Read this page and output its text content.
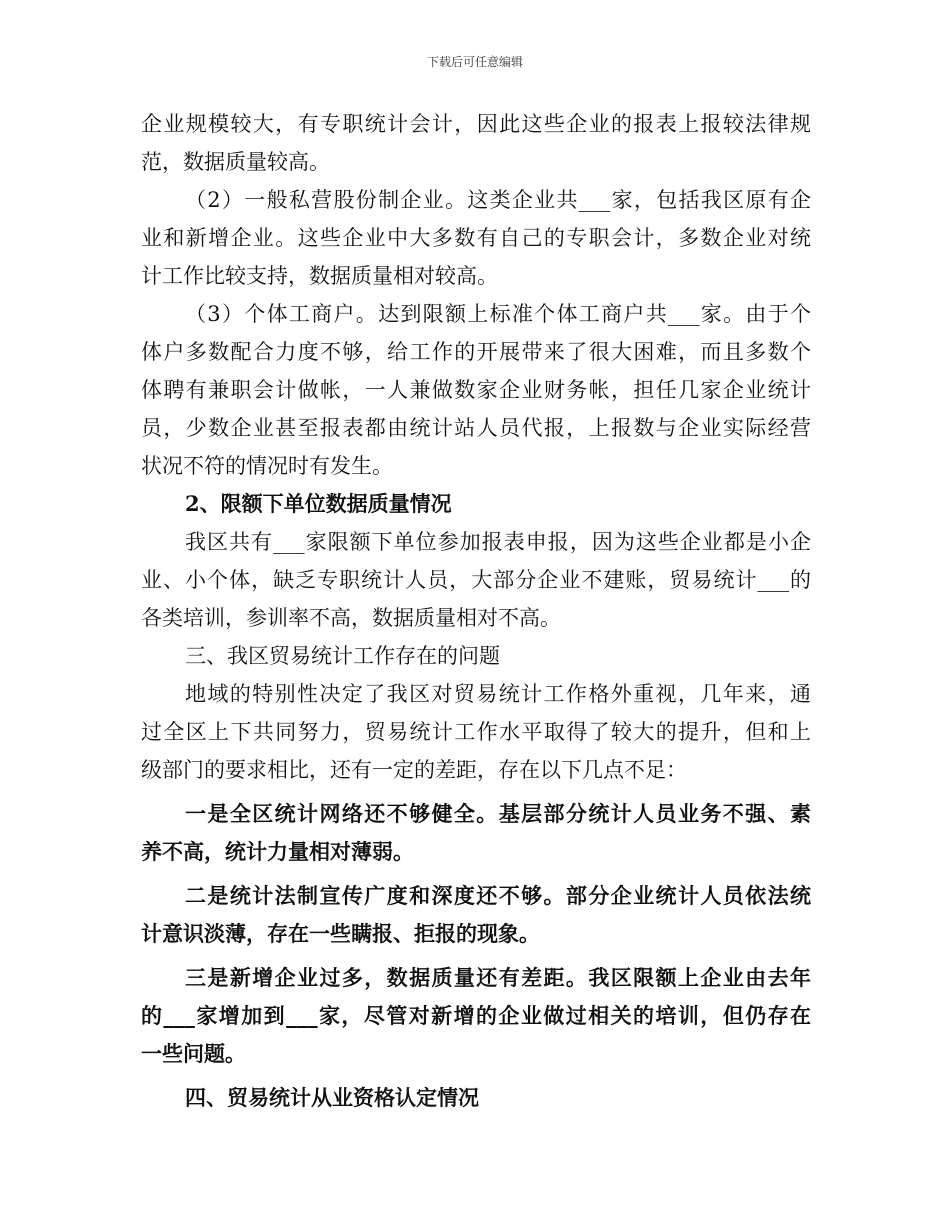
下载后可任意编辑
企业规模较大，有专职统计会计，因此这些企业的报表上报较法律规
范，数据质量较高。
（2）一般私营股份制企业。这类企业共___家，包括我区原有企
业和新增企业。这些企业中大多数有自己的专职会计，多数企业对统
计工作比较支持，数据质量相对较高。
（3）个体工商户。达到限额上标准个体工商户共___家。由于个
体户多数配合力度不够，给工作的开展带来了很大困难，而且多数个
体聘有兼职会计做帐，一人兼做数家企业财务帐，担任几家企业统计
员，少数企业甚至报表都由统计站人员代报，上报数与企业实际经营
状况不符的情况时有发生。
2、限额下单位数据质量情况
我区共有___家限额下单位参加报表申报，因为这些企业都是小企
业、小个体，缺乏专职统计人员，大部分企业不建账，贸易统计___的
各类培训，参训率不高，数据质量相对不高。
三、我区贸易统计工作存在的问题
地域的特别性决定了我区对贸易统计工作格外重视，几年来，通
过全区上下共同努力，贸易统计工作水平取得了较大的提升，但和上
级部门的要求相比，还有一定的差距，存在以下几点不足：
一是全区统计网络还不够健全。基层部分统计人员业务不强、素
养不高，统计力量相对薄弱。
二是统计法制宣传广度和深度还不够。部分企业统计人员依法统
计意识淡薄，存在一些瞒报、拒报的现象。
三是新增企业过多，数据质量还有差距。我区限额上企业由去年
的___家增加到___家，尽管对新增的企业做过相关的培训，但仍存在
一些问题。
四、贸易统计从业资格认定情况
